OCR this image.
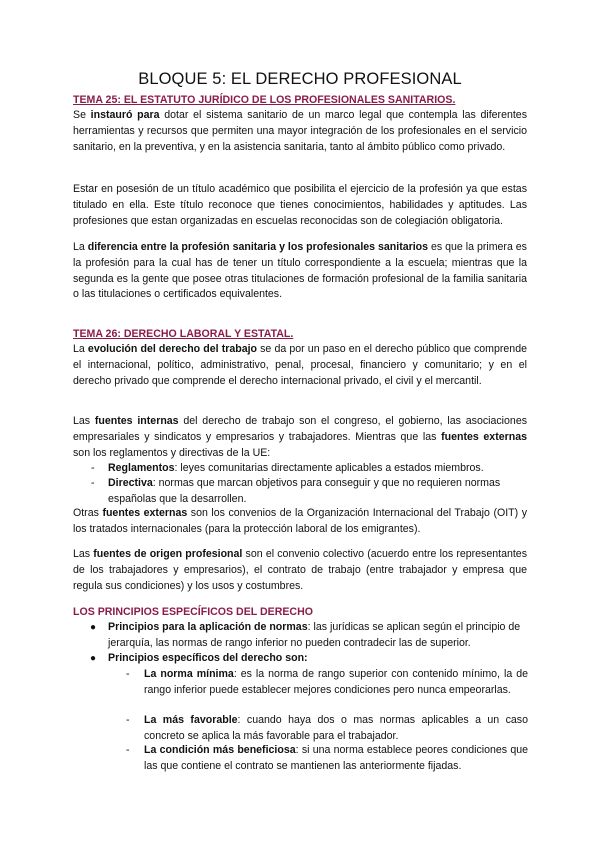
BLOQUE 5: EL DERECHO PROFESIONAL
TEMA 25: EL ESTATUTO JURÍDICO DE LOS PROFESIONALES SANITARIOS.

Se instauró para dotar el sistema sanitario de un marco legal que contempla las diferentes herramientas y recursos que permiten una mayor integración de los profesionales en el servicio sanitario, en la preventiva, y en la asistencia sanitaria, tanto al ámbito público como privado.

Estar en posesión de un título académico que posibilita el ejercicio de la profesión ya que estas titulado en ella. Este título reconoce que tienes conocimientos, habilidades y aptitudes. Las profesiones que estan organizadas en escuelas reconocidas son de colegiación obligatoria.

La diferencia entre la profesión sanitaria y los profesionales sanitarios es que la primera es la profesión para la cual has de tener un título correspondiente a la escuela; mientras que la segunda es la gente que posee otras titulaciones de formación profesional de la familia sanitaria o las titulaciones o certificados equivalentes.

TEMA 26: DERECHO LABORAL Y ESTATAL.

La evolución del derecho del trabajo se da por un paso en el derecho público que comprende el internacional, político, administrativo, penal, procesal, financiero y comunitario; y en el derecho privado que comprende el derecho internacional privado, el civil y el mercantil.

Las fuentes internas del derecho de trabajo son el congreso, el gobierno, las asociaciones empresariales y sindicatos y empresarios y trabajadores. Mientras que las fuentes externas son los reglamentos y directivas de la UE:

- Reglamentos: leyes comunitarias directamente aplicables a estados miembros.

- Directiva: normas que marcan objetivos para conseguir y que no requieren normas españolas que la desarrollen.

Otras fuentes externas son los convenios de la Organización Internacional del Trabajo (OIT) y los tratados internacionales (para la protección laboral de los emigrantes).

Las fuentes de origen profesional son el convenio colectivo (acuerdo entre los representantes de los trabajadores y empresarios), el contrato de trabajo (entre trabajador y empresa que regula sus condiciones) y los usos y costumbres.

LOS PRINCIPIOS ESPECÍFICOS DEL DERECHO
● Principios para la aplicación de normas: las jurídicas se aplican según el principio de jerarquía, las normas de rango inferior no pueden contradecir las de superior.

● Principios específicos del derecho son:

- La norma mínima: es la norma de rango superior con contenido mínimo, la de rango inferior puede establecer mejores condiciones pero nunca empeorarlas.

- La más favorable: cuando haya dos o mas normas aplicables a un caso concreto se aplica la más favorable para el trabajador.

- La condición más beneficiosa: si una norma establece peores condiciones que las que contiene el contrato se mantienen las anteriormente fijadas.
